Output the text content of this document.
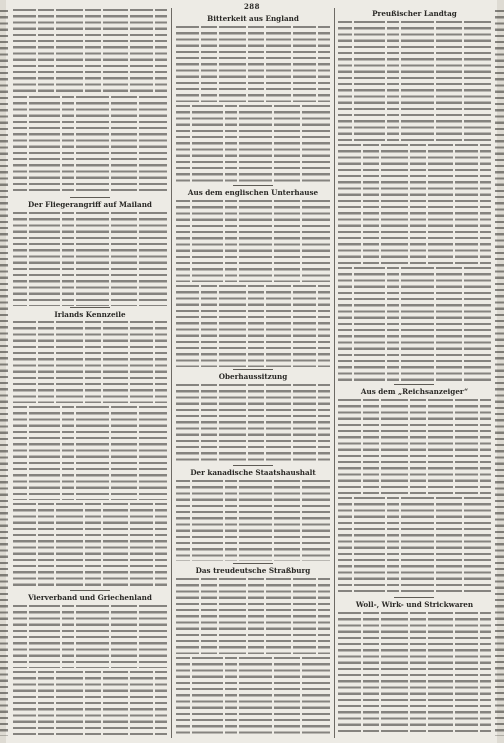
288
Der Fliegerangriff auf Mailand
Irlands Kennzeile
Vierverband und Griechenland
Bitterkeit aus England
Aus dem englischen Unterhause
Oberhaussitzung
Der kanadische Staatshaushalt
Das treudeutsche Straßburg
Preußischer Landtag
Aus dem „Reichsanzeiger“
Woll-, Wirk- und Strickwaren
